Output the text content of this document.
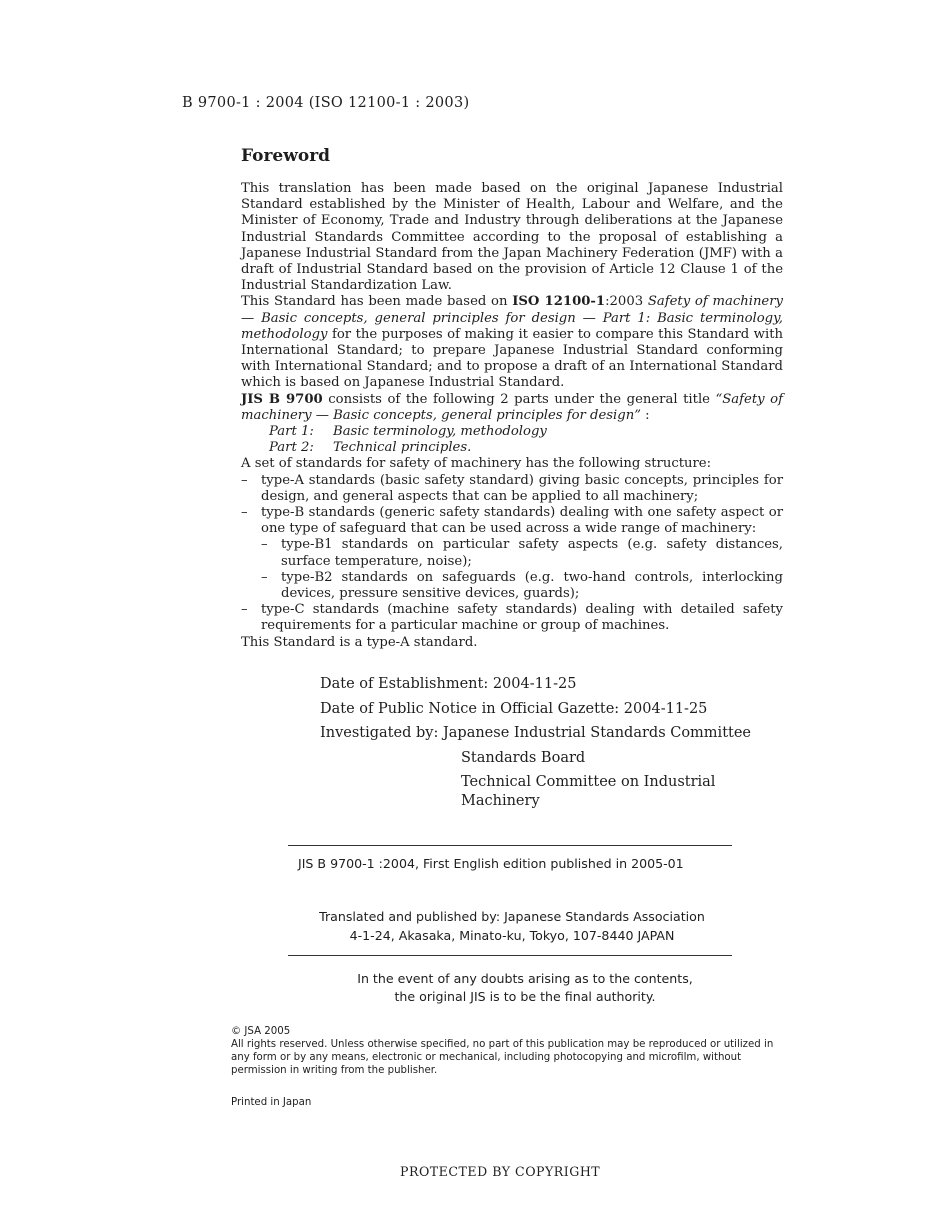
B 9700-1 : 2004 (ISO 12100-1 : 2003)
Foreword

This translation has been made based on the original Japanese Industrial Standard established by the Minister of Health, Labour and Welfare, and the Minister of Economy, Trade and Industry through deliberations at the Japanese Industrial Standards Committee according to the proposal of establishing a Japanese Industrial Standard from the Japan Machinery Federation (JMF) with a draft of Industrial Standard based on the provision of Article 12 Clause 1 of the Industrial Standardization Law.

This Standard has been made based on ISO 12100-1:2003 Safety of machinery — Basic concepts, general principles for design — Part 1: Basic terminology, methodology for the purposes of making it easier to compare this Standard with International Standard; to prepare Japanese Industrial Standard conforming with International Standard; and to propose a draft of an International Standard which is based on Japanese Industrial Standard.

JIS B 9700 consists of the following 2 parts under the general title “Safety of machinery — Basic concepts, general principles for design” :

Part 1: Basic terminology, methodology
Part 2: Technical principles.

A set of standards for safety of machinery has the following structure:

– type-A standards (basic safety standard) giving basic concepts, principles for design, and general aspects that can be applied to all machinery;
– type-B standards (generic safety standards) dealing with one safety aspect or one type of safeguard that can be used across a wide range of machinery:
– type-B1 standards on particular safety aspects (e.g. safety distances, surface temperature, noise);
– type-B2 standards on safeguards (e.g. two-hand controls, interlocking devices, pressure sensitive devices, guards);
– type-C standards (machine safety standards) dealing with detailed safety requirements for a particular machine or group of machines.

This Standard is a type-A standard.

Date of Establishment: 2004-11-25
Date of Public Notice in Official Gazette: 2004-11-25
Investigated by: Japanese Industrial Standards Committee
Standards Board
Technical Committee on Industrial Machinery
JIS B 9700-1 :2004, First English edition published in 2005-01
Translated and published by: Japanese Standards Association
4-1-24, Akasaka, Minato-ku, Tokyo, 107-8440 JAPAN
In the event of any doubts arising as to the contents,
the original JIS is to be the final authority.
© JSA 2005
All rights reserved. Unless otherwise specified, no part of this publication may be reproduced or utilized in any form or by any means, electronic or mechanical, including photocopying and microfilm, without permission in writing from the publisher.
Printed in Japan
PROTECTED BY COPYRIGHT
